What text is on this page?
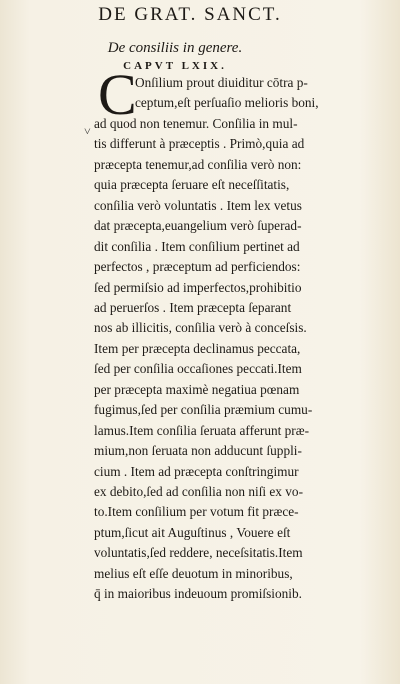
DE GRAT. SANCT.
De consiliis in genere.
CAPVT LXIX.
C
˅
Onſilium prout diuiditur cōtra p-
ceptum,eſt perſuaſio melioris boni,
ad quod non tenemur. Conſilia in mul-
tis differunt à præceptis . Primò,quia ad
præcepta tenemur,ad conſilia verò non:
quia præcepta ſeruare eſt neceſſitatis,
conſilia verò voluntatis . Item lex vetus
dat præcepta,euangelium verò ſuperad-
dit conſilia . Item conſilium pertinet ad
perfectos , præceptum ad perficiendos:
ſed permiſsio ad imperfectos,prohibitio
ad peruerſos . Item præcepta ſeparant
nos ab illicitis, conſilia verò à conceſsis.
Item per præcepta declinamus peccata,
ſed per conſilia occaſiones peccati.Item
per præcepta maximè negatiua pœnam
fugimus,ſed per conſilia præmium cumu-
lamus.Item conſilia ſeruata afferunt præ-
mium,non ſeruata non adducunt ſuppli-
cium . Item ad præcepta conſtringimur
ex debito,ſed ad conſilia non niſi ex vo-
to.Item conſilium per votum fit præce-
ptum,ſicut ait Auguſtinus , Vouere eſt
voluntatis,ſed reddere, neceſsitatis.Item
melius eſt eſſe deuotum in minoribus,
q̄ in maioribus indeuoum promiſsionib.
